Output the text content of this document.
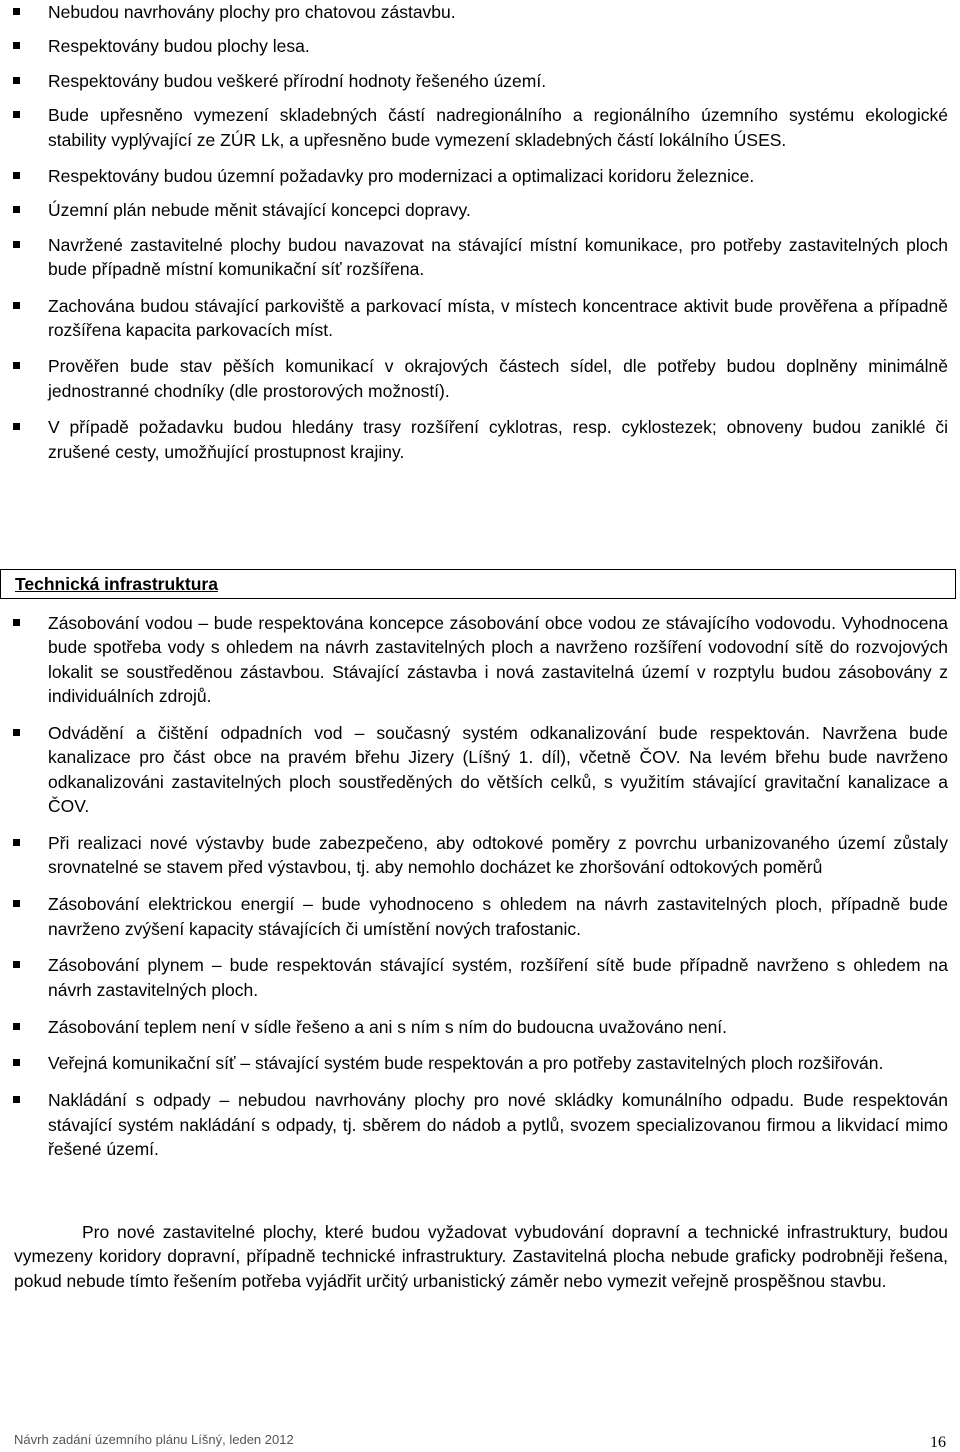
Nebudou navrhovány plochy pro chatovou zástavbu.
Respektovány budou plochy lesa.
Respektovány budou veškeré přírodní hodnoty řešeného území.
Bude upřesněno vymezení skladebných částí nadregionálního a regionálního územního systému ekologické stability vyplývající ze ZÚR Lk, a upřesněno bude vymezení skladebných částí lokálního ÚSES.
Respektovány budou územní požadavky pro modernizaci a optimalizaci koridoru železnice.
Územní plán nebude měnit stávající koncepci dopravy.
Navržené zastavitelné plochy budou navazovat na stávající místní komunikace, pro potřeby zastavitelných ploch bude případně místní komunikační síť rozšířena.
Zachována budou stávající parkoviště a parkovací místa, v místech koncentrace aktivit bude prověřena a případně rozšířena kapacita parkovacích míst.
Prověřen bude stav pěších komunikací v okrajových částech sídel, dle potřeby budou doplněny minimálně jednostranné chodníky (dle prostorových možností).
V případě požadavku budou hledány trasy rozšíření cyklotras, resp. cyklostezek; obnoveny budou zaniklé či zrušené cesty, umožňující prostupnost krajiny.
Technická infrastruktura
Zásobování vodou – bude respektována koncepce zásobování obce vodou ze stávajícího vodovodu. Vyhodnocena bude spotřeba vody s ohledem na návrh zastavitelných ploch a navrženo rozšíření vodovodní sítě do rozvojových lokalit se soustředěnou zástavbou. Stávající zástavba i nová zastavitelná území v rozptylu budou zásobovány z individuálních zdrojů.
Odvádění a čištění odpadních vod – současný systém odkanalizování bude respektován. Navržena bude kanalizace pro část obce na pravém břehu Jizery (Líšný 1. díl), včetně ČOV. Na levém břehu bude navrženo odkanalizováni zastavitelných ploch soustředěných do větších celků, s využitím stávající gravitační kanalizace a ČOV.
Při realizaci nové výstavby bude zabezpečeno, aby odtokové poměry z povrchu urbanizovaného území zůstaly srovnatelné se stavem před výstavbou, tj. aby nemohlo docházet ke zhoršování odtokových poměrů
Zásobování elektrickou energií – bude vyhodnoceno s ohledem na návrh zastavitelných ploch, případně bude navrženo zvýšení kapacity stávajících či umístění nových trafostanic.
Zásobování plynem – bude respektován stávající systém, rozšíření sítě bude případně navrženo s ohledem na návrh zastavitelných ploch.
Zásobování teplem není v sídle řešeno a ani s ním s ním do budoucna uvažováno není.
Veřejná komunikační síť – stávající systém bude respektován a pro potřeby zastavitelných ploch rozšiřován.
Nakládání s odpady – nebudou navrhovány plochy pro nové skládky komunálního odpadu. Bude respektován stávající systém nakládání s odpady, tj. sběrem do nádob a pytlů, svozem specializovanou firmou a likvidací mimo řešené území.
Pro nové zastavitelné plochy, které budou vyžadovat vybudování dopravní a technické infrastruktury, budou vymezeny koridory dopravní, případně technické infrastruktury. Zastavitelná plocha nebude graficky podrobněji řešena, pokud nebude tímto řešením potřeba vyjádřit určitý urbanistický záměr nebo vymezit veřejně prospěšnou stavbu.
Návrh zadání územního plánu Líšný, leden 2012	16
